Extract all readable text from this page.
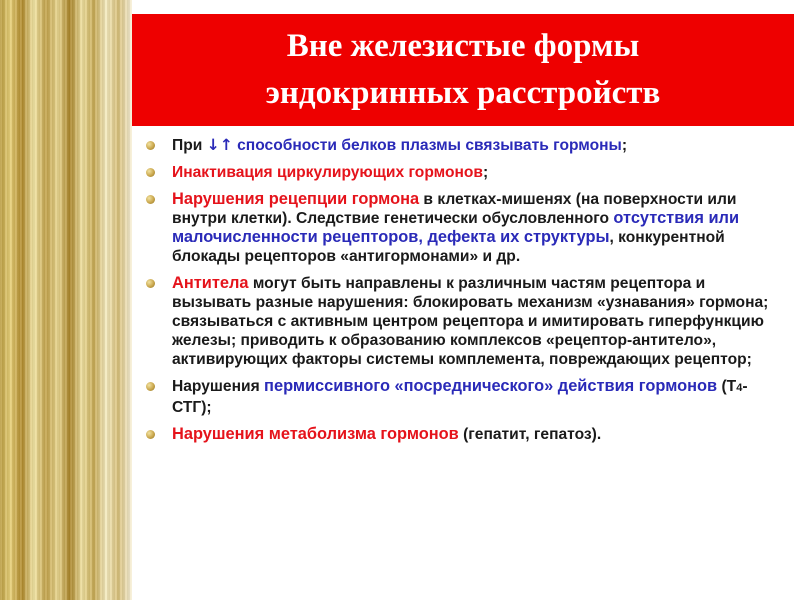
Вне железистые формы
эндокринных расстройств
При ↓↑ способности белков плазмы связывать гормоны;
Инактивация циркулирующих гормонов;
Нарушения рецепции гормона в клетках-мишенях (на поверхности или внутри клетки). Следствие генетически обусловленного отсутствия или малочисленности рецепторов, дефекта их структуры, конкурентной блокады рецепторов «антигормонами» и др.
Антитела могут быть направлены к различным частям рецептора и вызывать разные нарушения: блокировать механизм «узнавания» гормона; связываться с активным центром рецептора и имитировать гиперфункцию железы; приводить к образованию комплексов «рецептор-антитело», активирующих факторы системы комплемента, повреждающих рецептор;
Нарушения пермиссивного «посреднического» действия гормонов (Т4-СТГ);
Нарушения метаболизма гормонов (гепатит, гепатоз).
